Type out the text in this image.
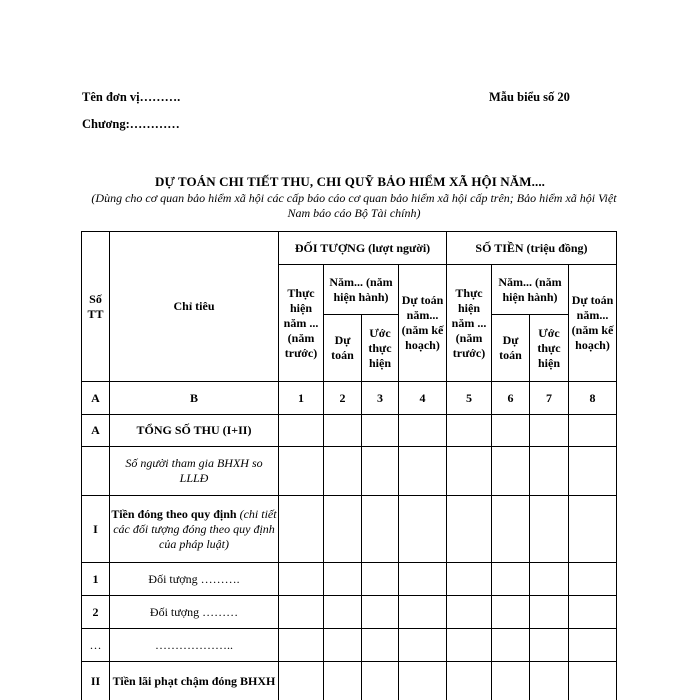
Tên đơn vị……….
Chương:…………
Mẫu biểu số 20
DỰ TOÁN CHI TIẾT THU, CHI QUỸ BẢO HIỂM XÃ HỘI NĂM....
(Dùng cho cơ quan bảo hiểm xã hội các cấp báo cáo cơ quan bảo hiểm xã hội cấp trên; Bảo hiểm xã hội Việt Nam báo cáo Bộ Tài chính)
Số TT	Chỉ tiêu	ĐỐI TƯỢNG (lượt người)				SỐ TIỀN (triệu đồng)			
		Thực hiện năm ... (năm trước)	Năm... (năm hiện hành)		Dự toán năm... (năm kế hoạch)	Thực hiện năm ... (năm trước)	Năm... (năm hiện hành)		Dự toán năm... (năm kế hoạch)
			Dự toán	Ước thực hiện			Dự toán	Ước thực hiện	
A	B	1	2	3	4	5	6	7	8
A	TỔNG SỐ THU (I+II)								
	Số người tham gia BHXH so LLLĐ								
I	Tiền đóng theo quy định (chi tiết các đối tượng đóng theo quy định của pháp luật)								
1	Đối tượng ……….								
2	Đối tượng ………								
…	………………..								
II	Tiền lãi phạt chậm đóng BHXH								
